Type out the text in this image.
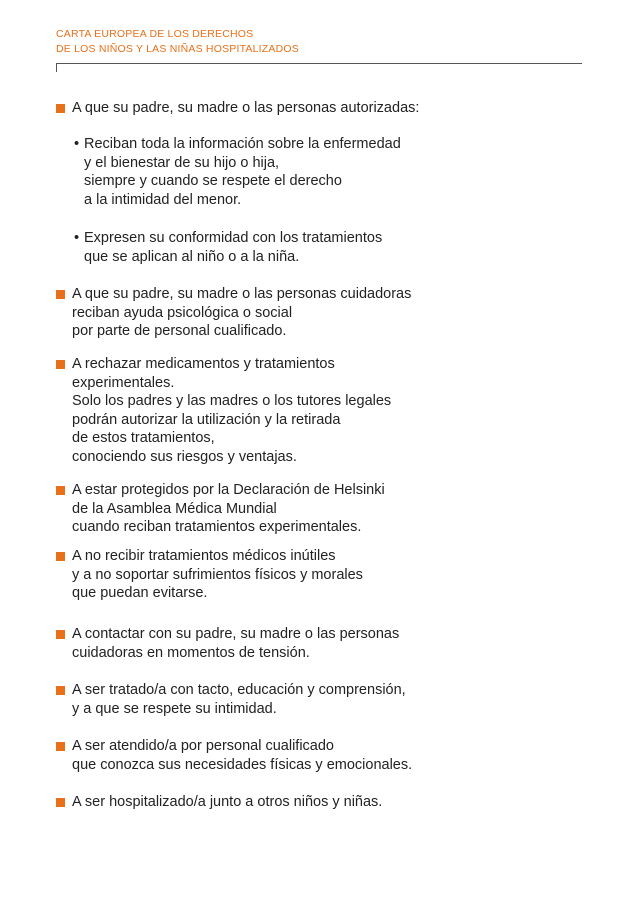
CARTA EUROPEA DE LOS DERECHOS
DE LOS NIÑOS Y LAS NIÑAS HOSPITALIZADOS
A que su padre, su madre o las personas autorizadas:
• Reciban toda la información sobre la enfermedad
y el bienestar de su hijo o hija,
siempre y cuando se respete el derecho
a la intimidad del menor.
• Expresen su conformidad con los tratamientos
que se aplican al niño o a la niña.
A que su padre, su madre o las personas cuidadoras
reciban ayuda psicológica o social
por parte de personal cualificado.
A rechazar medicamentos y tratamientos
experimentales.
Solo los padres y las madres o los tutores legales
podrán autorizar la utilización y la retirada
de estos tratamientos,
conociendo sus riesgos y ventajas.
A estar protegidos por la Declaración de Helsinki
de la Asamblea Médica Mundial
cuando reciban tratamientos experimentales.
A no recibir tratamientos médicos inútiles
y a no soportar sufrimientos físicos y morales
que puedan evitarse.
A contactar con su padre, su madre o las personas
cuidadoras en momentos de tensión.
A ser tratado/a con tacto, educación y comprensión,
y a que se respete su intimidad.
A ser atendido/a por personal cualificado
que conozca sus necesidades físicas y emocionales.
A ser hospitalizado/a junto a otros niños y niñas.
